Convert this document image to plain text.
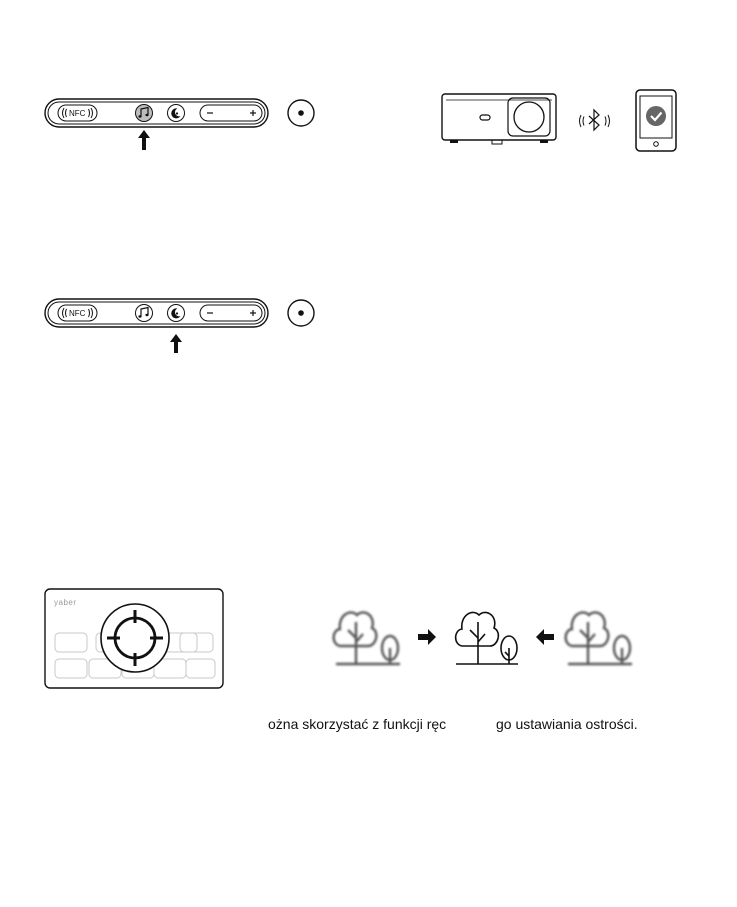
NFC
NFC
yaber
ożna skorzystać z funkcji ręc	go ustawiania ostrości.
